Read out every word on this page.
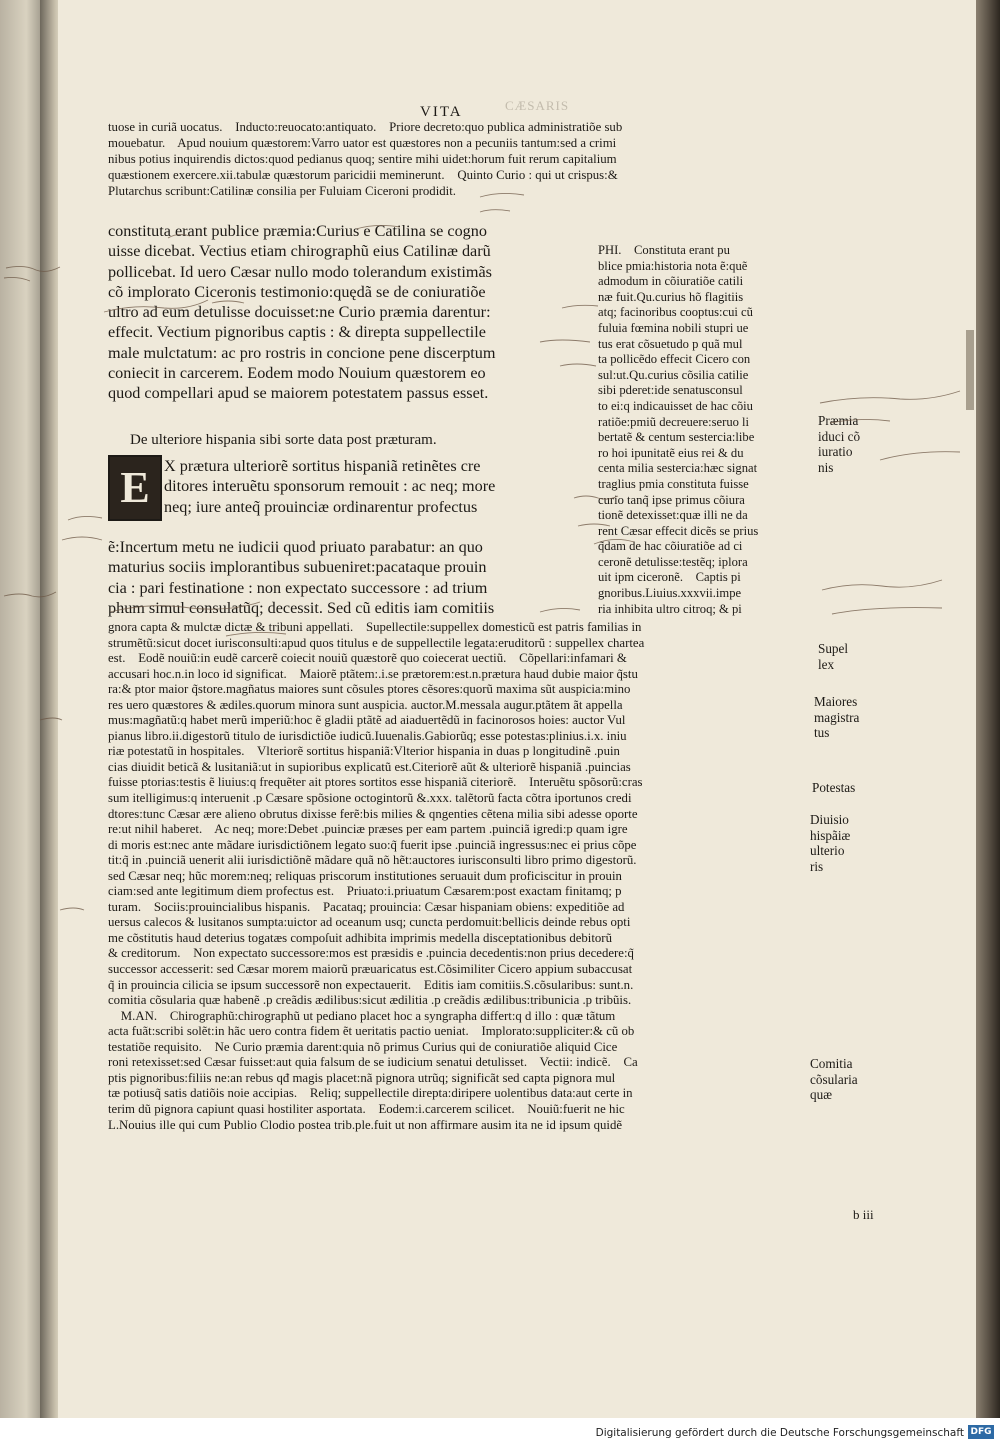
CÆSARIS
VITA
tuose in curiã uocatus.    Inducto:reuocato:antiquato.    Priore decreto:quo publica administratiõe sub
mouebatur.    Apud nouium quæstorem:Varro uator est quæstores non a pecuniis tantum:sed a crimi
nibus potius inquirendis dictos:quod pedianus quoq; sentire mihi uidet:horum fuit rerum capitalium
quæstionem exercere.xii.tabulæ quæstorum paricidii meminerunt.    Quinto Curio : qui ut crispus:&
Plutarchus scribunt:Catilinæ consilia per Fuluiam Ciceroni prodidit.
constituta erant publice præmia:Curius e Catilina se cogno
uisse dicebat. Vectius etiam chirographũ eius Catilinæ darũ
pollicebat. Id uero Cæsar nullo modo tolerandum existimãs
cõ implorato Ciceronis testimonio:quędã se de coniuratiõe
ultro ad eum detulisse docuisset:ne Curio præmia darentur:
effecit. Vectium pignoribus captis : & direpta suppellectile
male mulctatum: ac pro rostris in concione pene discerptum
coniecit in carcerem. Eodem modo Nouium quæstorem eo
quod compellari apud se maiorem potestatem passus esset.
De ulteriore hispania sibi sorte data post præturam.
E X prætura ulteriorẽ sortitus hispaniã retinẽtes cre
ditores interuẽtu sponsorum remouit : ac neq; more
neq; iure anteq̃ prouinciæ ordinarentur profectus
ẽ:Incertum metu ne iudicii quod priuato parabatur: an quo
maturius sociis implorantibus subueniret:pacataque prouin
cia : pari festinatione : non expectato successore : ad trium
phum simul consulatũq; decessit. Sed cũ editis iam comitiis
gnora capta & mulctæ dictæ & tribuni appellati.    Supellectile:suppellex domesticũ est patris familias in
strumẽtũ:sicut docet iurisconsulti:apud quos titulus e de suppellectile legata:eruditorũ : suppellex chartea
est.    Eodẽ nouiũ:in eudẽ carcerẽ coiecit nouiũ quæstorẽ quo coiecerat uectiũ.    Cõpellari:infamari &
accusari hoc.n.in loco id significat.    Maiorẽ ptãtem:.i.se prætorem:est.n.prætura haud dubie maior q̃stu
ra:& ptor maior q̃store.magñatus maiores sunt cõsules ptores cẽsores:quorũ maxima sũt auspicia:mino
res uero quæstores & ædiles.quorum minora sunt auspicia. auctor.M.messala augur.ptãtem ãt appella
mus:magñatũ:q habet merũ imperiũ:hoc ẽ gladii ptãtẽ ad aiaduertẽdũ in facinorosos hoies: auctor Vul
pianus libro.ii.digestorũ titulo de iurisdictiõe iudicũ.Iuuenalis.Gabiorũq; esse potestas:plinius.i.x. iniu
riæ potestatũ in hospitales.    Vlteriorẽ sortitus hispaniã:Vlterior hispania in duas p longitudinẽ .puin
cias diuidit beticã & lusitaniã:ut in supioribus explicatũ est.Citeriorẽ aũt & ulteriorẽ hispaniã .puincias
fuisse ptorias:testis ẽ liuius:q frequẽter ait ptores sortitos esse hispaniã citeriorẽ.    Interuẽtu spõsorũ:cras
sum itelligimus:q interuenit .p Cæsare spõsione octogintorũ &.xxx. talẽtorũ facta cõtra iportunos credi
dtores:tunc Cæsar ære alieno obrutus dixisse ferẽ:bis milies & qngenties cẽtena milia sibi adesse oporte
re:ut nihil haberet.    Ac neq; more:Debet .puinciæ præses per eam partem .puinciã igredi:p quam igre
di moris est:nec ante mãdare iurisdictiõnem legato suo:q̃ fuerit ipse .puinciã ingressus:nec ei prius cõpe
tit:q̃ in .puinciã uenerit alii iurisdictiõnẽ mãdare quã nõ hẽt:auctores iurisconsulti libro primo digestorũ.
sed Cæsar neq; hũc morem:neq; reliquas priscorum institutiones seruauit dum proficiscitur in prouin
ciam:sed ante legitimum diem profectus est.    Priuato:i.priuatum Cæsarem:post exactam finitamq; p
turam.    Sociis:prouincialibus hispanis.    Pacataq; prouincia: Cæsar hispaniam obiens: expeditiõe ad
uersus calecos & lusitanos sumpta:uictor ad oceanum usq; cuncta perdomuit:bellicis deinde rebus opti
me cõstitutis haud deterius togatæs compoſuit adhibita imprimis medella disceptationibus debitorũ
& creditorum.    Non expectato successore:mos est præsidis e .puincia decedentis:non prius decedere:q̃
successor accesserit: sed Cæsar morem maiorũ præuaricatus est.Cõsimiliter Cicero appium subaccusat
q̃ in prouincia cilicia se ipsum successorẽ non expectauerit.    Editis iam comitiis.S.cõsularibus: sunt.n.
comitia cõsularia quæ habenẽ .p creãdis ædilibus:sicut ædilitia .p creãdis ædilibus:tribunicia .p tribũis.
M.AN.    Chirographũ:chirographũ ut pediano placet hoc a syngrapha differt:q d illo : quæ tãtum
acta fuãt:scribi solẽt:in hãc uero contra fidem ẽt ueritatis pactio ueniat.    Implorato:suppliciter:& cũ ob
testatiõe requisito.    Ne Curio præmia darent:quia nõ primus Curius qui de coniuratiõe aliquid Cice
roni retexisset:sed Cæsar fuisset:aut quia falsum de se iudicium senatui detulisset.    Vectii: indicẽ.    Ca
ptis pignoribus:filiis ne:an rebus qđ magis placet:nã pignora utrũq; significãt sed capta pignora mul
tæ potiusq̃ satis datiõis noie accipias.    Reliq; suppellectile direpta:diripere uolentibus data:aut certe in
terim dũ pignora capiunt quasi hostiliter asportata.    Eodem:i.carcerem scilicet.    Nouiũ:fuerit ne hic
L.Nouius ille qui cum Publio Clodio postea trib.ple.fuit ut non affirmare ausim ita ne id ipsum quidẽ
PHI.    Constituta erant pu
blice pmia:historia nota ẽ:quẽ
admodum in cõiuratiõe catili
næ fuit.Qu.curius hõ flagitiis
atq; facinoribus cooptus:cui cũ
fuluia fœmina nobili stupri ue
tus erat cõsuetudo p quã mul
ta pollicẽdo effecit Cicero con
sul:ut.Qu.curius cõsilia catilie
sibi pderet:ide senatusconsul
to ei:q indicauisset de hac cõiu
ratiõe:pmiũ decreuere:seruo li
bertatẽ & centum sestercia:libe
ro hoi ipunitatẽ eius rei & du
centa milia sestercia:hæc signat
traglius pmia constituta fuisse
curio tanq̃ ipse primus cõiura
tionẽ detexisset:quæ illi ne da
rent Cæsar effecit dicẽs se prius
q̃dam de hac cõiuratiõe ad ci
ceronẽ detulisse:testẽq; iplora
uit ipm ciceronẽ.    Captis pi
gnoribus.Liuius.xxxvii.impe
ria inhibita ultro citroq; & pi
Præmia
iduci cõ
iuratio
nis
Supel
lex
Maiores
magistra
tus
Potestas
Diuisio
hispãiæ
ulterio
ris
Comitia
cõsularia
quæ
b iii
Digitalisierung gefördert durch die Deutsche Forschungsgemeinschaft DFG
